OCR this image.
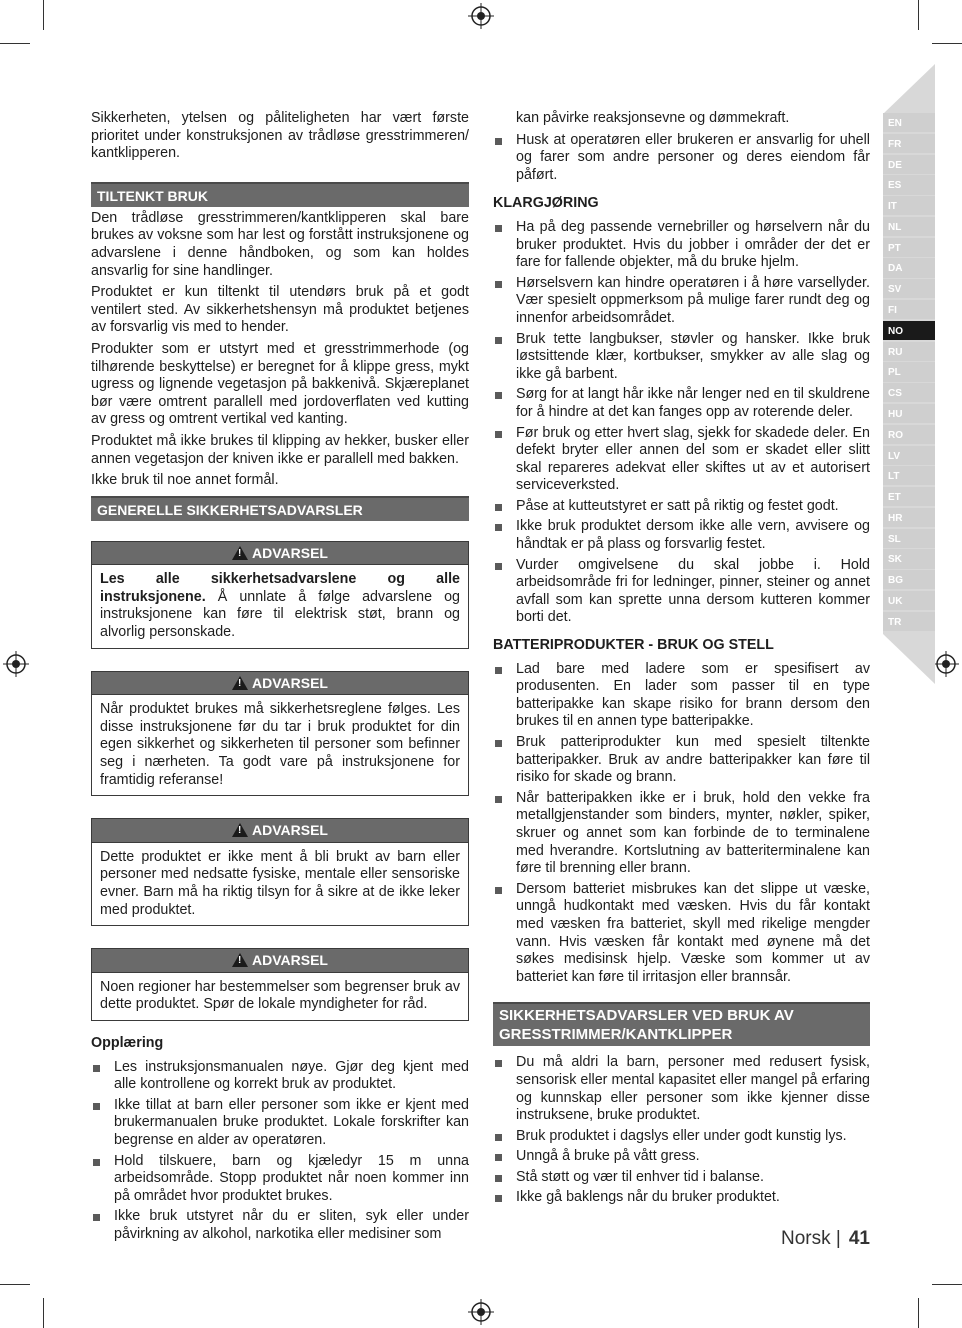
EN
FR
DE
ES
IT
NL
PT
DA
SV
FI
NO
RU
PL
CS
HU
RO
LV
LT
ET
HR
SL
SK
BG
UK
TR

Sikkerheten, ytelsen og påliteligheten har vært første prioritet under konstruksjonen av trådløse gresstrimmeren/ kantklipperen.

TILTENKT BRUK

Den trådløse gresstrimmeren/kantklipperen skal bare brukes av voksne som har lest og forstått instruksjonene og advarslene i denne håndboken, og som kan holdes ansvarlig for sine handlinger.

Produktet er kun tiltenkt til utendørs bruk på et godt ventilert sted. Av sikkerhetshensyn må produktet betjenes av forsvarlig vis med to hender.

Produkter som er utstyrt med et gresstrimmerhode (og tilhørende beskyttelse) er beregnet for å klippe gress, mykt ugress og lignende vegetasjon på bakkenivå. Skjæreplanet bør være omtrent parallell med jordoverflaten ved kutting av gress og omtrent vertikal ved kanting.

Produktet må ikke brukes til klipping av hekker, busker eller annen vegetasjon der kniven ikke er parallell med bakken.

Ikke bruk til noe annet formål.

GENERELLE SIKKERHETSADVARSLER
!ADVARSEL
Les alle sikkerhetsadvarslene og alle instruksjonene. Å unnlate å følge advarslene og instruksjonene kan føre til elektrisk støt, brann og alvorlig personskade.
!ADVARSEL
Når produktet brukes må sikkerhetsreglene følges. Les disse instruksjonene før du tar i bruk produktet for din egen sikkerhet og sikkerheten til personer som befinner seg i nærheten. Ta godt vare på instruksjonene for framtidig referanse!
!ADVARSEL
Dette produktet er ikke ment å bli brukt av barn eller personer med nedsatte fysiske, mentale eller sensoriske evner. Barn må ha riktig tilsyn for å sikre at de ikke leker med produktet.
!ADVARSEL
Noen regioner har bestemmelser som begrenser bruk av dette produktet. Spør de lokale myndigheter for råd.
Opplæring
Les instruksjonsmanualen nøye. Gjør deg kjent med alle kontrollene og korrekt bruk av produktet.
Ikke tillat at barn eller personer som ikke er kjent med brukermanualen bruke produktet. Lokale forskrifter kan begrense en alder av operatøren.
Hold tilskuere, barn og kjæledyr 15 m unna arbeidsområde. Stopp produktet når noen kommer inn på området hvor produktet brukes.
Ikke bruk utstyret når du er sliten, syk eller under påvirkning av alkohol, narkotika eller medisiner som

kan påvirke reaksjonsevne og dømmekraft.

Husk at operatøren eller brukeren er ansvarlig for uhell og farer som andre personer og deres eiendom får påført.
KLARGJØRING
Ha på deg passende vernebriller og hørselvern når du bruker produktet. Hvis du jobber i områder der det er fare for fallende objekter, må du bruke hjelm.
Hørselsvern kan hindre operatøren i å høre varsellyder. Vær spesielt oppmerksom på mulige farer rundt deg og innenfor arbeidsområdet.
Bruk tette langbukser, støvler og hansker. Ikke bruk løstsittende klær, kortbukser, smykker av alle slag og ikke gå barbent.
Sørg for at langt hår ikke når lenger ned en til skuldrene for å hindre at det kan fanges opp av roterende deler.
Før bruk og etter hvert slag, sjekk for skadede deler. En defekt bryter eller annen del som er skadet eller slitt skal repareres adekvat eller skiftes ut av et autorisert serviceverksted.
Påse at kutteutstyret er satt på riktig og festet godt.
Ikke bruk produktet dersom ikke alle vern, avvisere og håndtak er på plass og forsvarlig festet.
Vurder omgivelsene du skal jobbe i. Hold arbeidsområde fri for ledninger, pinner, steiner og annet avfall som kan sprette unna dersom kutteren kommer borti det.
BATTERIPRODUKTER - BRUK OG STELL
Lad bare med ladere som er spesifisert av produsenten. En lader som passer til en type batteripakke kan skape risiko for brann dersom den brukes til en annen type batteripakke.
Bruk patteriprodukter kun med spesielt tiltenkte batteripakker. Bruk av andre batteripakker kan føre til risiko for skade og brann.
Når batteripakken ikke er i bruk, hold den vekke fra metallgjenstander som binders, mynter, nøkler, spiker, skruer og annet som kan forbinde de to terminalene med hverandre. Kortslutning av batteriterminalene kan føre til brenning eller brann.
Dersom batteriet misbrukes kan det slippe ut væske, unngå hudkontakt med væsken. Hvis du får kontakt med væsken fra batteriet, skyll med rikelige mengder vann. Hvis væsken får kontakt med øynene må det søkes medisinsk hjelp. Væske som kommer ut av batteriet kan føre til irritasjon eller brannsår.
SIKKERHETSADVARSLER VED BRUK AV GRESSTRIMMER/KANTKLIPPER
Du må aldri la barn, personer med redusert fysisk, sensorisk eller mental kapasitet eller mangel på erfaring og kunnskap eller personer som ikke kjenner disse instruksene, bruke produktet.
Bruk produktet i dagslys eller under godt kunstig lys.
Unngå å bruke på vått gress.
Stå støtt og vær til enhver tid i balanse.
Ikke gå baklengs når du bruker produktet.
Norsk | 41
